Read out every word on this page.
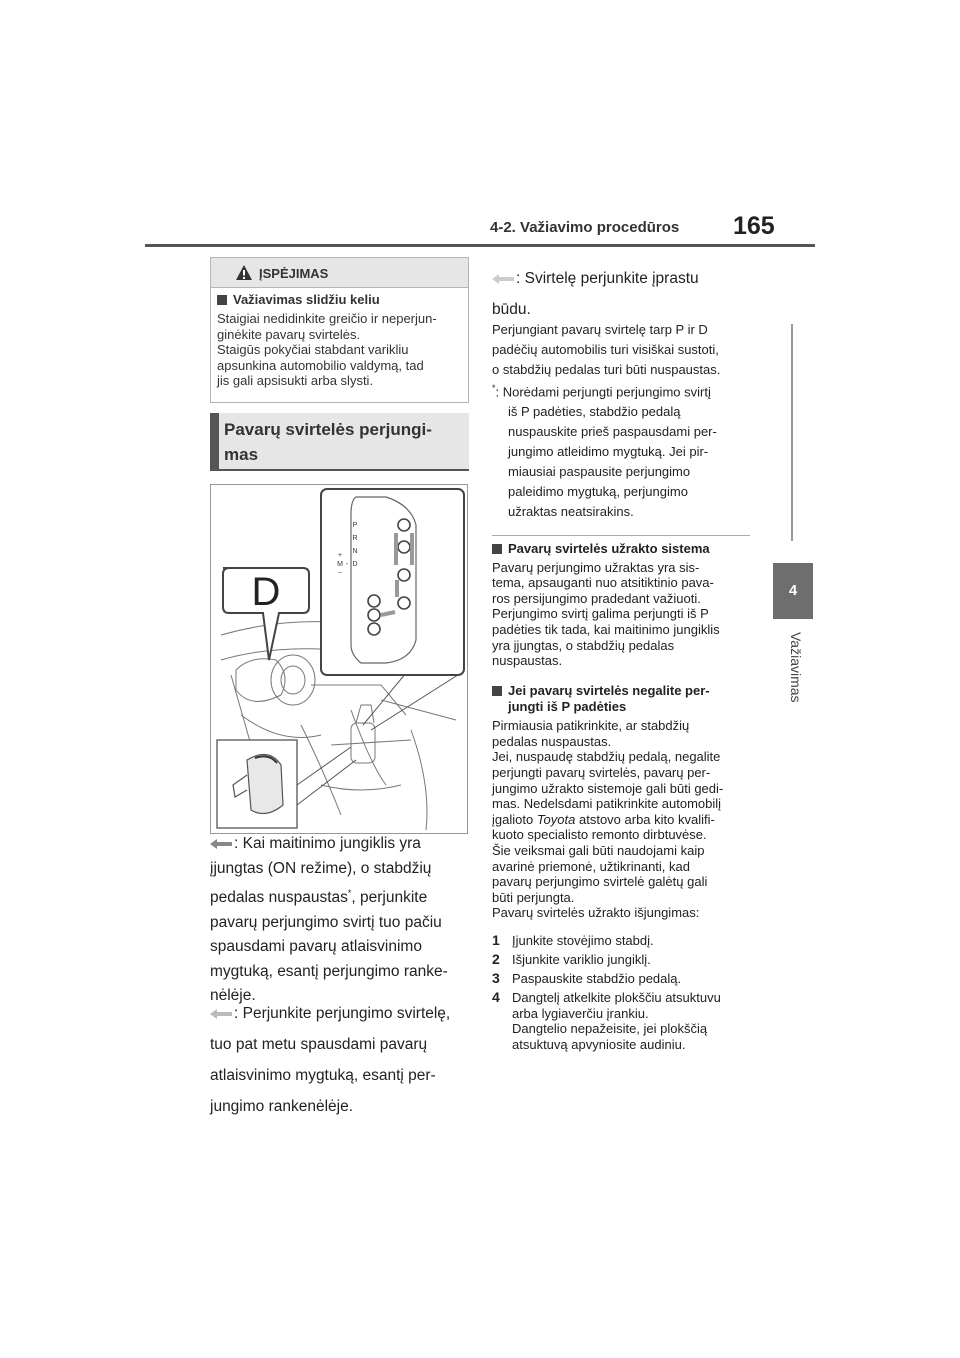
4-2. Važiavimo procedūros 165
4
Važiavimas
ĮSPĖJIMAS
Važiavimas slidžiu keliu
Staigiai nedidinkite greičio ir neperjun-
ginėkite pavarų svirtelės.
Staigūs pokyčiai stabdant varikliu
apsunkina automobilio valdymą, tad
jis gali apsisukti arba slysti.
Pavarų svirtelės perjungi-
mas
D
P
R
N
D
+
M
−
-
: Kai maitinimo jungiklis yra
įjungtas (ON režime), o stabdžių
pedalas nuspaustas*, perjunkite
pavarų perjungimo svirtį tuo pačiu
spausdami pavarų atlaisvinimo
mygtuką, esantį perjungimo ranke-
nėlėje.
: Perjunkite perjungimo svirtelę,
tuo pat metu spausdami pavarų
atlaisvinimo mygtuką, esantį per-
jungimo rankenėlėje.
: Svirtelę perjunkite įprastu
būdu.
Perjungiant pavarų svirtelę tarp P ir D
padėčių automobilis turi visiškai sustoti,
o stabdžių pedalas turi būti nuspaustas.
*: Norėdami perjungti perjungimo svirtį
iš P padėties, stabdžio pedalą
nuspauskite prieš paspausdami per-
jungimo atleidimo mygtuką. Jei pir-
miausiai paspausite perjungimo
paleidimo mygtuką, perjungimo
užraktas neatsirakins.
Pavarų svirtelės užrakto sistema
Pavarų perjungimo užraktas yra sis-
tema, apsauganti nuo atsitiktinio pava-
ros persijungimo pradedant važiuoti.
Perjungimo svirtį galima perjungti iš P
padėties tik tada, kai maitinimo jungiklis
yra įjungtas, o stabdžių pedalas
nuspaustas.
Jei pavarų svirtelės negalite per-
jungti iš P padėties
Pirmiausia patikrinkite, ar stabdžių
pedalas nuspaustas.
Jei, nuspaudę stabdžių pedalą, negalite
perjungti pavarų svirtelės, pavarų per-
jungimo užrakto sistemoje gali būti gedi-
mas. Nedelsdami patikrinkite automobilį
įgalioto Toyota atstovo arba kito kvalifi-
kuoto specialisto remonto dirbtuvėse.
Šie veiksmai gali būti naudojami kaip
avarinė priemonė, užtikrinanti, kad
pavarų perjungimo svirtelė galėtų gali
būti perjungta.
Pavarų svirtelės užrakto išjungimas:
1 Įjunkite stovėjimo stabdį.
2 Išjunkite variklio jungiklį.
3 Paspauskite stabdžio pedalą.
4 Dangtelį atkelkite plokščiu atsuktuvu
arba lygiaverčiu įrankiu.
Dangtelio nepažeisite, jei plokščią
atsuktuvą apvyniosite audiniu.
